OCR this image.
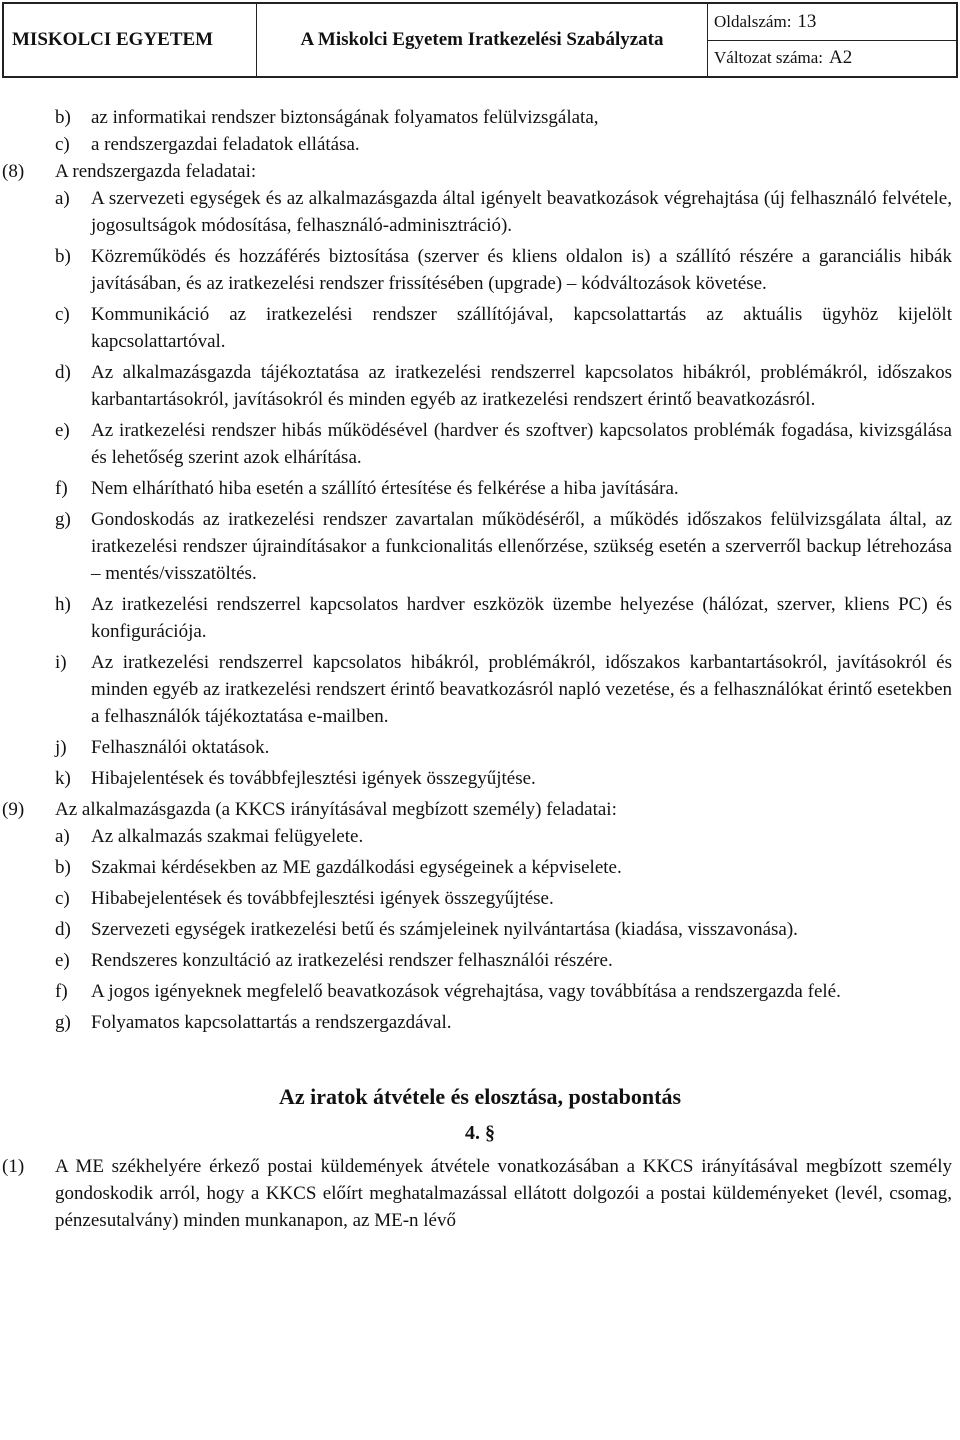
MISKOLCI EGYETEM	A Miskolci Egyetem Iratkezelési Szabályzata
Oldalszám: 13
Változat száma: A2
b)	az informatikai rendszer biztonságának folyamatos felülvizsgálata,
c)	a rendszergazdai feladatok ellátása.
(8)	A rendszergazda feladatai:
a)	A szervezeti egységek és az alkalmazásgazda által igényelt beavatkozások végrehajtása (új felhasználó felvétele, jogosultságok módosítása, felhasználó-adminisztráció).
b)	Közreműködés és hozzáférés biztosítása (szerver és kliens oldalon is) a szállító részére a garanciális hibák javításában, és az iratkezelési rendszer frissítésében (upgrade) – kódváltozások követése.
c)	Kommunikáció az iratkezelési rendszer szállítójával, kapcsolattartás az aktuális ügyhöz kijelölt kapcsolattartóval.
d)	Az alkalmazásgazda tájékoztatása az iratkezelési rendszerrel kapcsolatos hibákról, problémákról, időszakos karbantartásokról, javításokról és minden egyéb az iratkezelési rendszert érintő beavatkozásról.
e)	Az iratkezelési rendszer hibás működésével (hardver és szoftver) kapcsolatos problémák fogadása, kivizsgálása és lehetőség szerint azok elhárítása.
f)	Nem elhárítható hiba esetén a szállító értesítése és felkérése a hiba javítására.
g)	Gondoskodás az iratkezelési rendszer zavartalan működéséről, a működés időszakos felülvizsgálata által, az iratkezelési rendszer újraindításakor a funkcionalitás ellenőrzése, szükség esetén a szerverről backup létrehozása – mentés/visszatöltés.
h)	Az iratkezelési rendszerrel kapcsolatos hardver eszközök üzembe helyezése (hálózat, szerver, kliens PC) és konfigurációja.
i)	Az iratkezelési rendszerrel kapcsolatos hibákról, problémákról, időszakos karbantartásokról, javításokról és minden egyéb az iratkezelési rendszert érintő beavatkozásról napló vezetése, és a felhasználókat érintő esetekben a felhasználók tájékoztatása e-mailben.
j)	Felhasználói oktatások.
k)	Hibajelentések és továbbfejlesztési igények összegyűjtése.
(9)	Az alkalmazásgazda (a KKCS irányításával megbízott személy) feladatai:
a)	Az alkalmazás szakmai felügyelete.
b)	Szakmai kérdésekben az ME gazdálkodási egységeinek a képviselete.
c)	Hibabejelentések és továbbfejlesztési igények összegyűjtése.
d)	Szervezeti egységek iratkezelési betű és számjeleinek nyilvántartása (kiadása, visszavonása).
e)	Rendszeres konzultáció az iratkezelési rendszer felhasználói részére.
f)	A jogos igényeknek megfelelő beavatkozások végrehajtása, vagy továbbítása a rendszergazda felé.
g)	Folyamatos kapcsolattartás a rendszergazdával.
Az iratok átvétele és elosztása, postabontás
4. §
(1)	A ME székhelyére érkező postai küldemények átvétele vonatkozásában a KKCS irányításával megbízott személy gondoskodik arról, hogy a KKCS előírt meghatalmazással ellátott dolgozói a postai küldeményeket (levél, csomag, pénzesutalvány) minden munkanapon, az ME-n lévő
